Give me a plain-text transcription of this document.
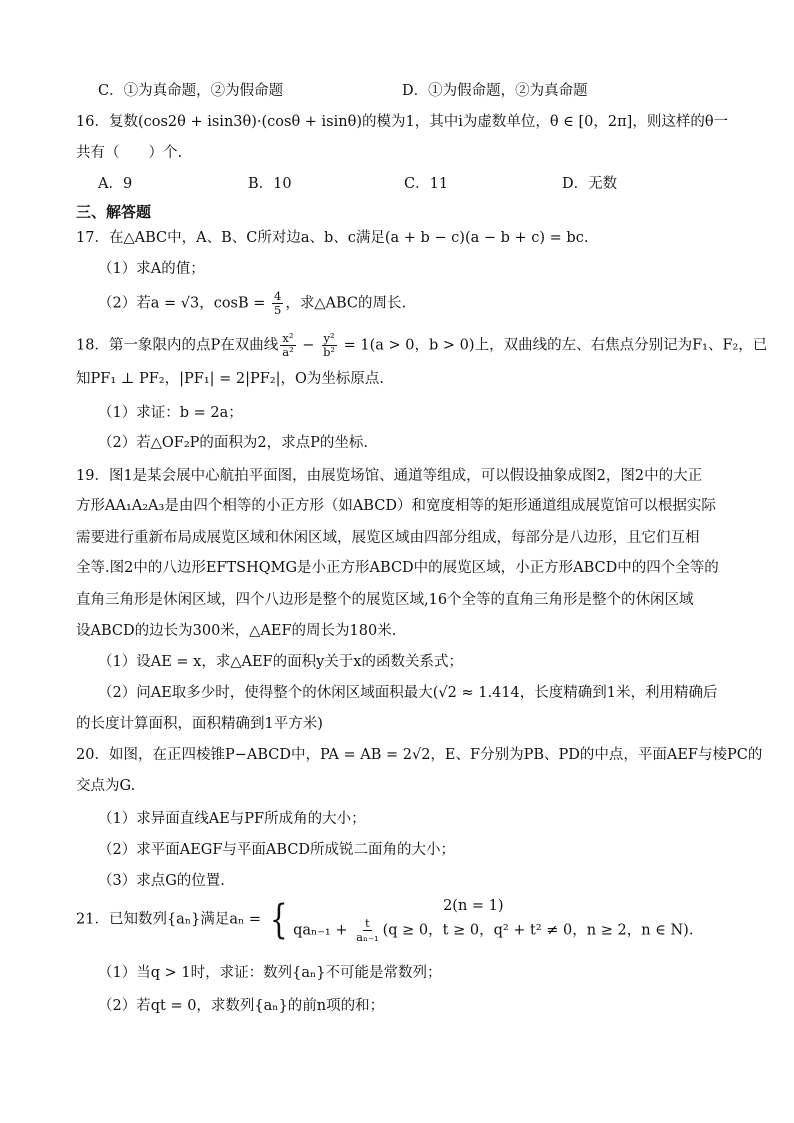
C．①为真命题，②为假命题	D．①为假命题，②为真命题
16．复数(cos2θ + isin3θ)·(cosθ + isinθ)的模为1，其中i为虚数单位，θ ∈ [0，2π]，则这样的θ一
共有（　　）个.
A．9	B．10	C．11	D．无数
三、解答题
17．在△ABC中，A、B、C所对边a、b、c满足(a + b − c)(a − b + c) = bc.
（1）求A的值；
（2）若a = √3，$\cos B = \frac{4}{5}$ ，求△ABC的周长.
18．第一象限内的点P在双曲线 $\frac{\text{x²}}{\text{a²}} - \frac{\text{y²}}{\text{b²}} = 1(a > 0$，b > 0)上，双曲线的左、右焦点分别记为F₁、F₂，已
知PF₁ ⊥ PF₂，|PF₁| = 2|PF₂|，O为坐标原点.
（1）求证：b = 2a；
（2）若△OF₂P的面积为2，求点P的坐标.
19．图1是某会展中心航拍平面图，由展览场馆、通道等组成，可以假设抽象成图2，图2中的大正
方形AA₁A₂A₃是由四个相等的小正方形（如ABCD）和宽度相等的矩形通道组成展览馆可以根据实际
需要进行重新布局成展览区域和休闲区域，展览区域由四部分组成，每部分是八边形，且它们互相
全等.图2中的八边形EFTSHQMG是小正方形ABCD中的展览区域，小正方形ABCD中的四个全等的
直角三角形是休闲区域，四个八边形是整个的展览区域,16个全等的直角三角形是整个的休闲区域
设ABCD的边长为300米，△AEF的周长为180米.
（1）设AE = x，求△AEF的面积y关于x的函数关系式；
（2）问AE取多少时，使得整个的休闲区域面积最大(√2 ≈ 1.414，长度精确到1米，利用精确后
的长度计算面积，面积精确到1平方米)
20．如图，在正四棱锥P−ABCD中，PA = AB = 2√2，E、F分别为PB、PD的中点，平面AEF与棱PC的
交点为G.
（1）求异面直线AE与PF所成角的大小；
（2）求平面AEGF与平面ABCD所成锐二面角的大小；
（3）求点G的位置.
21．已知数列{aₙ}满足aₙ = {	2(n = 1)
$qa_{n-1} + \frac{t}{\text{aₙ₋₁}} (q \ge 0$，t ≥ 0，q² + t² ≠ 0，n ≥ 2，n ∈ N).
（1）当q > 1时，求证：数列{aₙ}不可能是常数列；
（2）若qt = 0，求数列{aₙ}的前n项的和；
